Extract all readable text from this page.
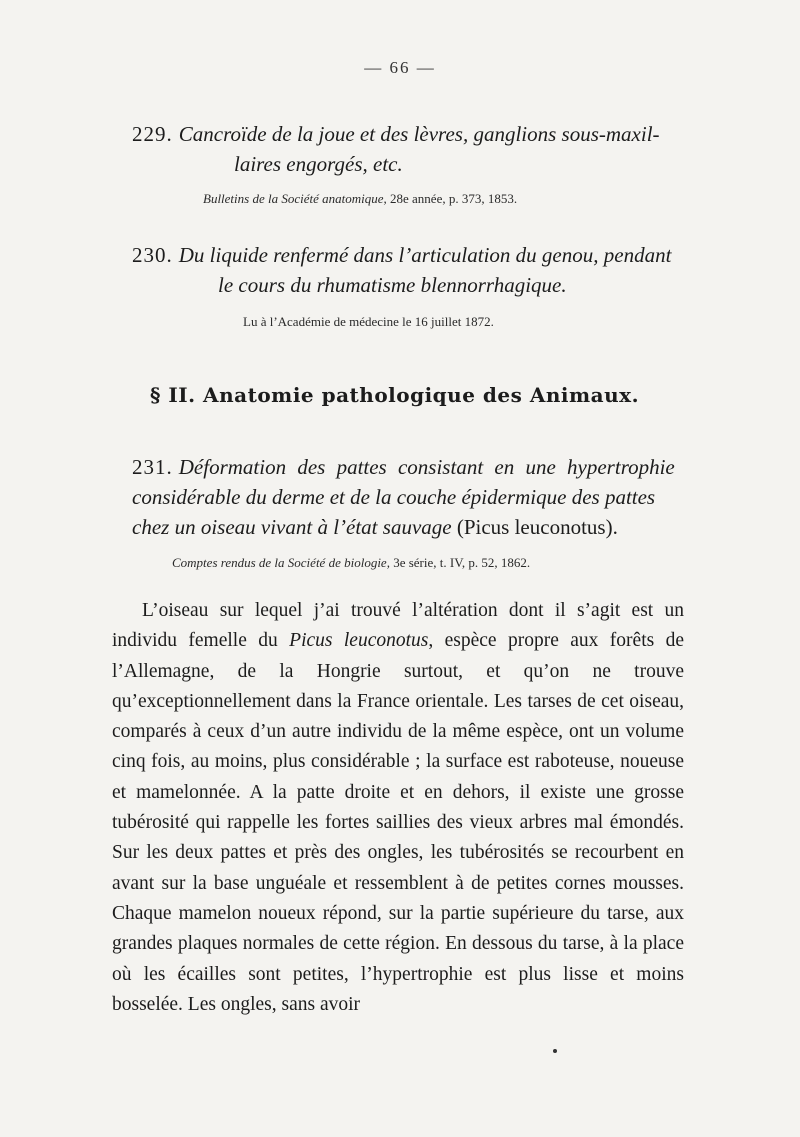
— 66 —
229. Cancroïde de la joue et des lèvres, ganglions sous-maxil-
laires engorgés, etc.
Bulletins de la Société anatomique, 28e année, p. 373, 1853.
230. Du liquide renfermé dans l’articulation du genou, pendant
le cours du rhumatisme blennorrhagique.
Lu à l’Académie de médecine le 16 juillet 1872.
§ II. Anatomie pathologique des Animaux.
231. Déformation des pattes consistant en une hypertrophie
considérable du derme et de la couche épidermique des pattes
chez un oiseau vivant à l’état sauvage (Picus leuconotus).
Comptes rendus de la Société de biologie, 3e série, t. IV, p. 52, 1862.

L’oiseau sur lequel j’ai trouvé l’altération dont il s’agit est un individu femelle du Picus leuconotus, espèce propre aux forêts de l’Allemagne, de la Hongrie surtout, et qu’on ne trouve qu’exceptionnellement dans la France orientale. Les tarses de cet oiseau, comparés à ceux d’un autre individu de la même espèce, ont un volume cinq fois, au moins, plus considérable ; la surface est raboteuse, noueuse et mamelonnée. A la patte droite et en dehors, il existe une grosse tubérosité qui rappelle les fortes saillies des vieux arbres mal émondés. Sur les deux pattes et près des ongles, les tubérosités se recourbent en avant sur la base unguéale et ressemblent à de petites cornes mousses. Chaque mamelon noueux répond, sur la partie supérieure du tarse, aux grandes plaques normales de cette région. En dessous du tarse, à la place où les écailles sont petites, l’hypertrophie est plus lisse et moins bosselée. Les ongles, sans avoir
